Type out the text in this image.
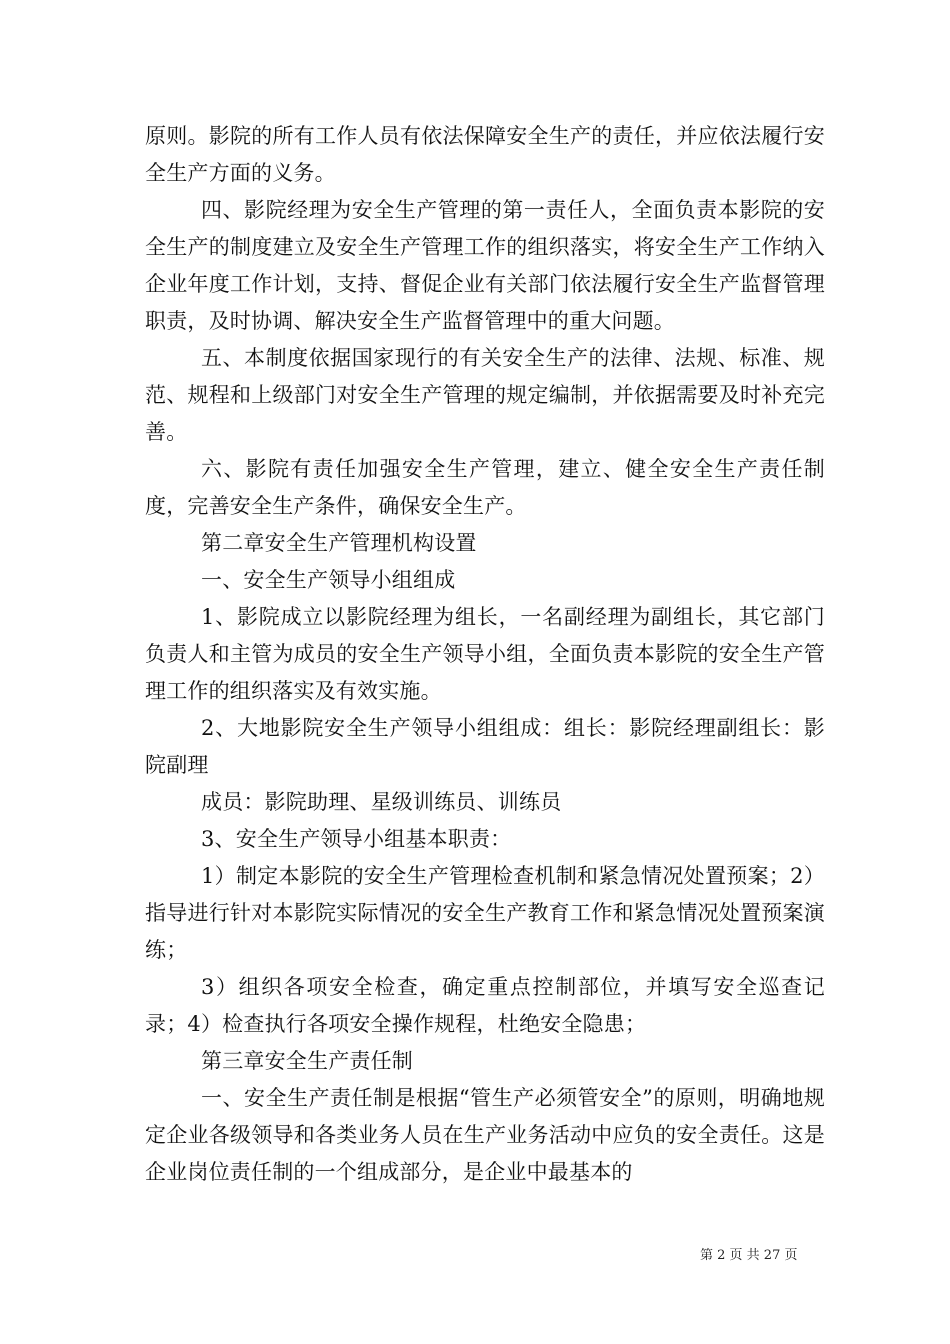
原则。影院的所有工作人员有依法保障安全生产的责任，并应依法履行安全生产方面的义务。

四、影院经理为安全生产管理的第一责任人，全面负责本影院的安全生产的制度建立及安全生产管理工作的组织落实，将安全生产工作纳入企业年度工作计划，支持、督促企业有关部门依法履行安全生产监督管理职责，及时协调、解决安全生产监督管理中的重大问题。

五、本制度依据国家现行的有关安全生产的法律、法规、标准、规范、规程和上级部门对安全生产管理的规定编制，并依据需要及时补充完善。

六、影院有责任加强安全生产管理，建立、健全安全生产责任制度，完善安全生产条件，确保安全生产。

第二章安全生产管理机构设置

一、安全生产领导小组组成

1、影院成立以影院经理为组长，一名副经理为副组长，其它部门负责人和主管为成员的安全生产领导小组，全面负责本影院的安全生产管理工作的组织落实及有效实施。

2、大地影院安全生产领导小组组成：组长：影院经理副组长：影院副理

成员：影院助理、星级训练员、训练员

3、安全生产领导小组基本职责：

1）制定本影院的安全生产管理检查机制和紧急情况处置预案；2）指导进行针对本影院实际情况的安全生产教育工作和紧急情况处置预案演练；

3）组织各项安全检查，确定重点控制部位，并填写安全巡查记录；4）检查执行各项安全操作规程，杜绝安全隐患；

第三章安全生产责任制

一、安全生产责任制是根据“管生产必须管安全”的原则，明确地规定企业各级领导和各类业务人员在生产业务活动中应负的安全责任。这是企业岗位责任制的一个组成部分，是企业中最基本的

第 2 页 共 27 页
